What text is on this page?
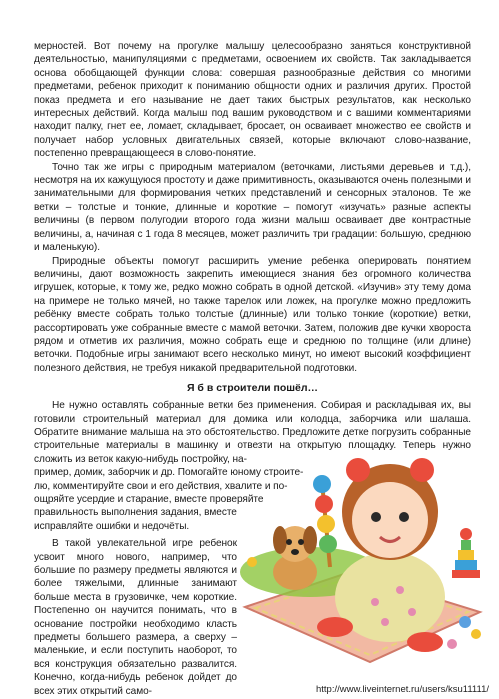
мерностей. Вот почему на прогулке малышу целесообразно заняться конструктивной деятельностью, манипуляциями с предметами, освоением их свойств. Так закладывается основа обобщающей функции слова: совершая разнообразные действия со многими предметами, ребенок приходит к пониманию общности одних и различия других. Простой показ предмета и его называние не дает таких быстрых результатов, как несколько интересных действий. Когда малыш под вашим руководством и с вашими комментариями находит палку, гнет ее, ломает, складывает, бросает, он осваивает множество ее свойств и получает набор условных двигательных связей, которые включают слово-название, постепенно превращающееся в слово-понятие.

Точно так же игры с природным материалом (веточками, листьями деревьев и т.д.), несмотря на их кажущуюся простоту и даже примитивность, оказываются очень полезными и занимательными для формирования четких представлений и сенсорных эталонов. Те же ветки – толстые и тонкие, длинные и короткие – помогут «изучать» разные аспекты величины (в первом полугодии второго года жизни малыш осваивает две контрастные величины, а, начиная с 1 года 8 месяцев, может различить три градации: большую, среднюю и маленькую).

Природные объекты помогут расширить умение ребенка оперировать понятием величины, дают возможность закрепить имеющиеся знания без огромного количества игрушек, которые, к тому же, редко можно собрать в одной детской. «Изучив» эту тему дома на примере не только мячей, но также тарелок или ложек, на прогулке можно предложить ребёнку вместе собрать только толстые (длинные) или только тонкие (короткие) ветки, рассортировать уже собранные вместе с мамой веточки. Затем, положив две кучки хворостa рядом и отметив их различия, можно собрать еще и среднюю по толщине (или длине) веточки. Подобные игры занимают всего несколько минут, но имеют высокий коэффициент полезного действия, не требуя никакой предварительной подготовки.

Я б в строители пошёл…

Не нужно оставлять собранные ветки без применения. Собирая и раскладывая их, вы готовили строительный материал для домика или колодца, заборчика или шалаша. Обратите внимание малыша на это обстоятельство. Предложите детке погрузить собранные строительные материалы в машинку и отвезти на открытую площадку. Теперь нужно сложить из веток какую-нибудь постройку, на-

пример, домик, заборчик и др. Помогайте юному строите-
лю, комментируйте свои и его действия, хвалите и по-
ощряйте усердие и старание, вместе проверяйте
правильность выполнения задания, вместе
исправляйте ошибки и недочёты.

В такой увлекательной игре ребенок усвоит много нового, например, что большие по размеру предметы являются и более тяжелыми, длинные занимают больше места в грузовичке, чем короткие. Постепенно он научится понимать, что в основание постройки необходимо класть предметы большего размера, а сверху – маленькие, и если поступить наоборот, то вся конструкция обязательно развалится. Конечно, когда-нибудь ребенок дойдет до всех этих открытий само-	http://www.liveinternet.ru/users/ksu11111/
